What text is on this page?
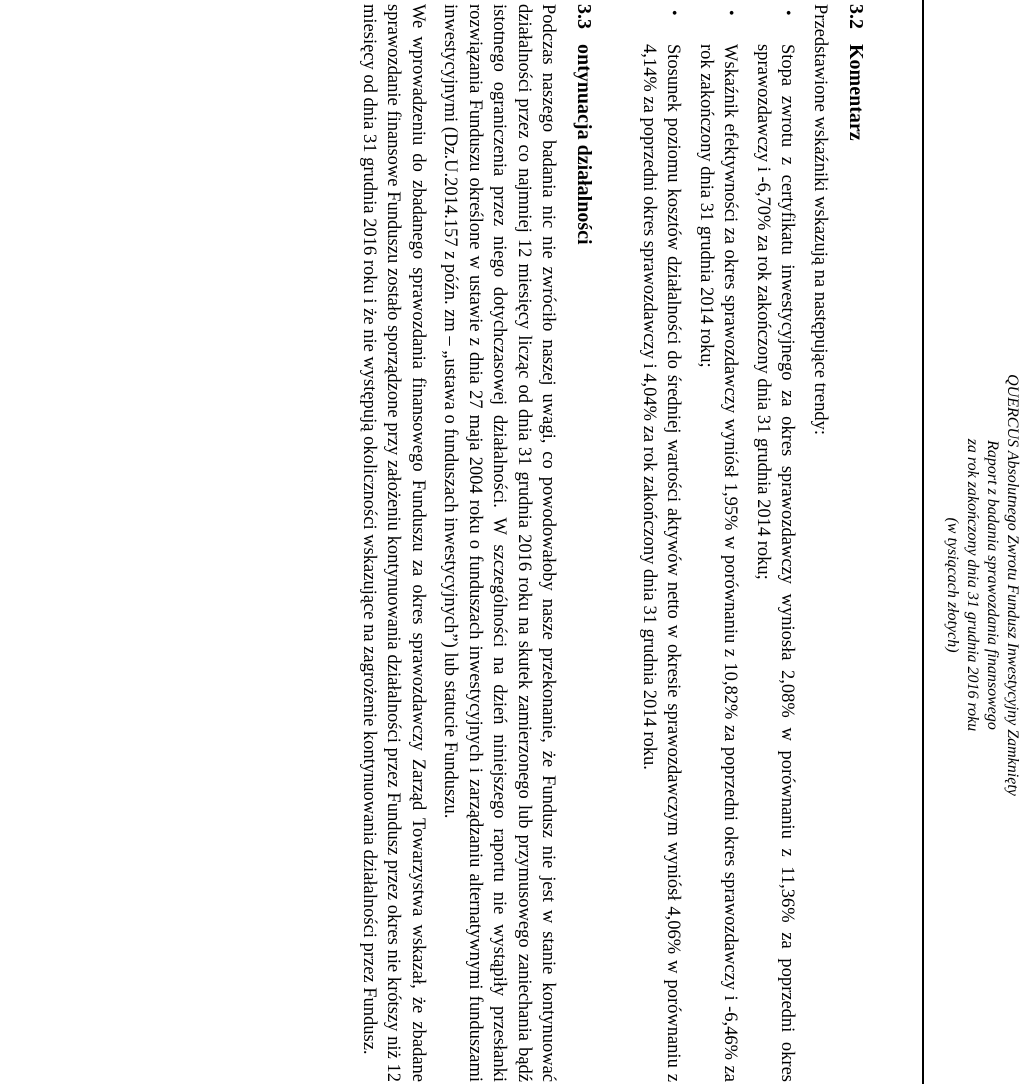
QUERCUS Absolutnego Zwrotu Fundusz Inwestycyjny Zamknięty
Raport z badania sprawozdania finansowego
za rok zakończony dnia 31 grudnia 2016 roku
(w tysiącach złotych)
3.2Komentarz

Przedstawione wskaźniki wskazują na następujące trendy:

•
Stopa zwrotu z certyfikatu inwestycyjnego za okres sprawozdawczy wyniosła 2,08% w porównaniu z 11,36% za poprzedni okres sprawozdawczy i -6,70% za rok zakończony dnia 31 grudnia 2014 roku;
•
Wskaźnik efektywności za okres sprawozdawczy wyniósł 1,95% w porównaniu z 10,82% za poprzedni okres sprawozdawczy i -6,46% za rok zakończony dnia 31 grudnia 2014 roku;
•
Stosunek poziomu kosztów działalności do średniej wartości aktywów netto w okresie sprawozdawczym wyniósł 4,06% w porównaniu z 4,14% za poprzedni okres sprawozdawczy i 4,04% za rok zakończony dnia 31 grudnia 2014 roku.
3.3ontynuacja działalności

Podczas naszego badania nic nie zwróciło naszej uwagi, co powodowałoby nasze przekonanie, że Fundusz nie jest w stanie kontynuować działalności przez co najmniej 12 miesięcy licząc od dnia 31 grudnia 2016 roku na skutek zamierzonego lub przymusowego zaniechania bądź istotnego ograniczenia przez niego dotychczasowej działalności. W szczególności na dzień niniejszego raportu nie wystąpiły przesłanki rozwiązania Funduszu określone w ustawie z dnia 27 maja 2004 roku o funduszach inwestycyjnych i zarządzaniu alternatywnymi funduszami inwestycyjnymi (Dz.U.2014.157 z późn. zm – „ustawa o funduszach inwestycyjnych”) lub statucie Funduszu.

We wprowadzeniu do zbadanego sprawozdania finansowego Funduszu za okres sprawozdawczy Zarząd Towarzystwa wskazał, że zbadane sprawozdanie finansowe Funduszu zostało sporządzone przy założeniu kontynuowania działalności przez Fundusz przez okres nie krótszy niż 12 miesięcy od dnia 31 grudnia 2016 roku i że nie występują okoliczności wskazujące na zagrożenie kontynuowania działalności przez Fundusz.
